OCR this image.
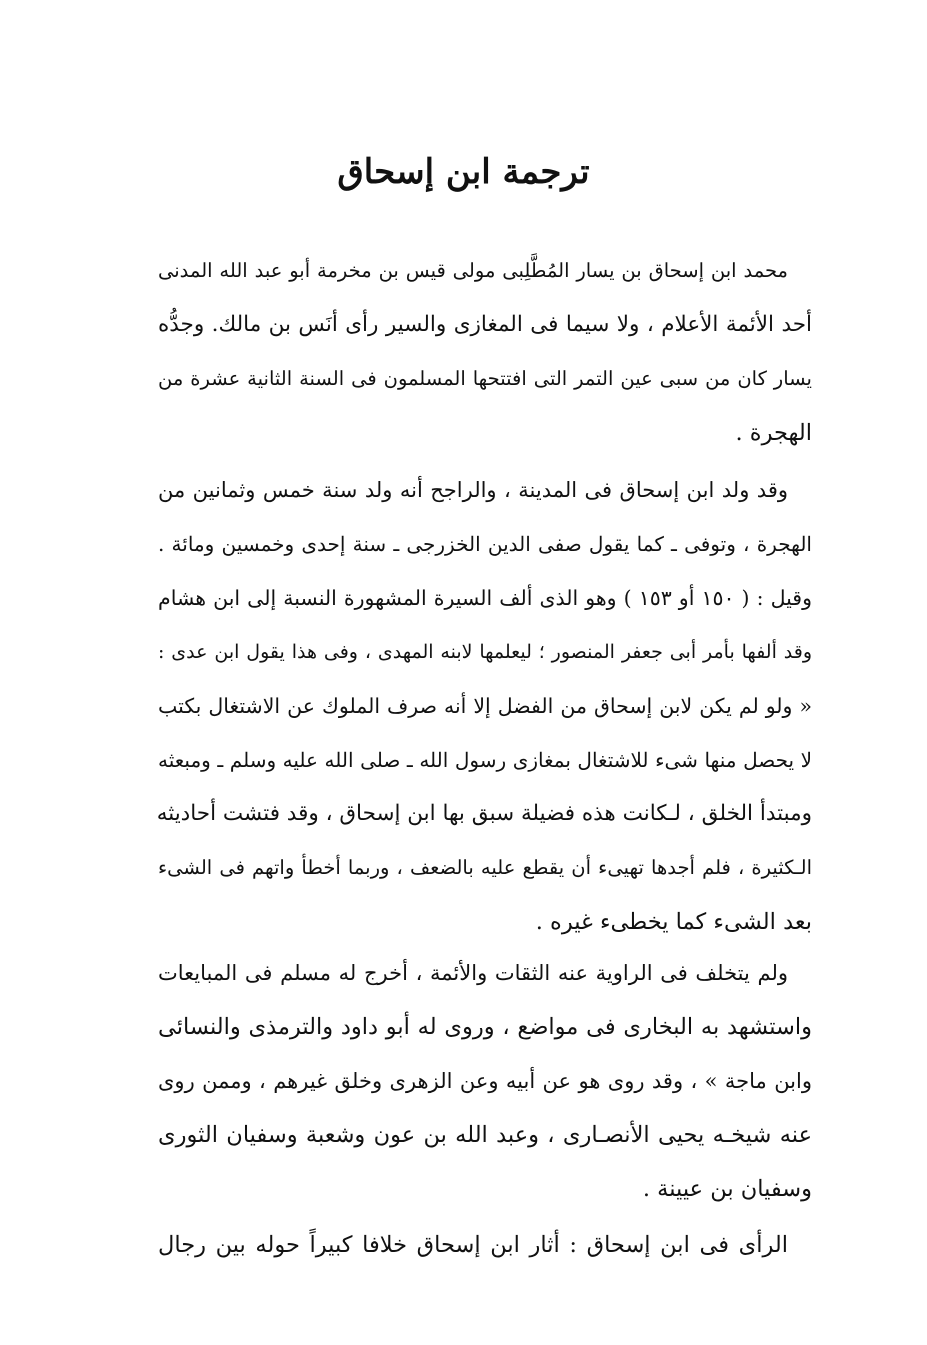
ترجمة ابن إسحاق
محمد ابن إسحاق بن يسار المُطَّلِبى مولى قيس بن مخرمة أبو عبد الله المدنى
أحد الأئمة الأعلام ، ولا سيما فى المغازى والسير رأى أنَس بن مالك. وجدُّه
يسار كان من سبى عين التمر التى افتتحها المسلمون فى السنة الثانية عشرة من
الهجرة .
وقد ولد ابن إسحاق فى المدينة ، والراجح أنه ولد سنة خمس وثمانين من
الهجرة ، وتوفى ـ كما يقول صفى الدين الخزرجى ـ سنة إحدى وخمسين ومائة .
وقيل : ( ١٥٠ أو ١٥٣ ) وهو الذى ألف السيرة المشهورة النسبة إلى ابن هشام
وقد ألفها بأمر أبى جعفر المنصور ؛ ليعلمها لابنه المهدى ، وفى هذا يقول ابن عدى :
« ولو لم يكن لابن إسحاق من الفضل إلا أنه صرف الملوك عن الاشتغال بكتب
لا يحصل منها شىء للاشتغال بمغازى رسول الله ـ صلى الله عليه وسلم ـ ومبعثه
ومبتدأ الخلق ، لـكانت هذه فضيلة سبق بها ابن إسحاق ، وقد فتشت أحاديثه
الـكثيرة ، فلم أجدها تهيىء أن يقطع عليه بالضعف ، وربما أخطأ واتهم فى الشىء
بعد الشىء كما يخطىء غيره .
ولم يتخلف فى الراوية عنه الثقات والأئمة ، أخرج له مسلم فى المبايعات
واستشهد به البخارى فى مواضع ، وروى له أبو داود والترمذى والنسائى
وابن ماجة » ، وقد روى هو عن أبيه وعن الزهرى وخلق غيرهم ، وممن روى
عنه شيخـه يحيى الأنصـارى ، وعبد الله بن عون وشعبة وسفيان الثورى
وسفيان بن عيينة .
الرأى فى ابن إسحاق : أثار ابن إسحاق خلافا كبيراً حوله بين رجال
